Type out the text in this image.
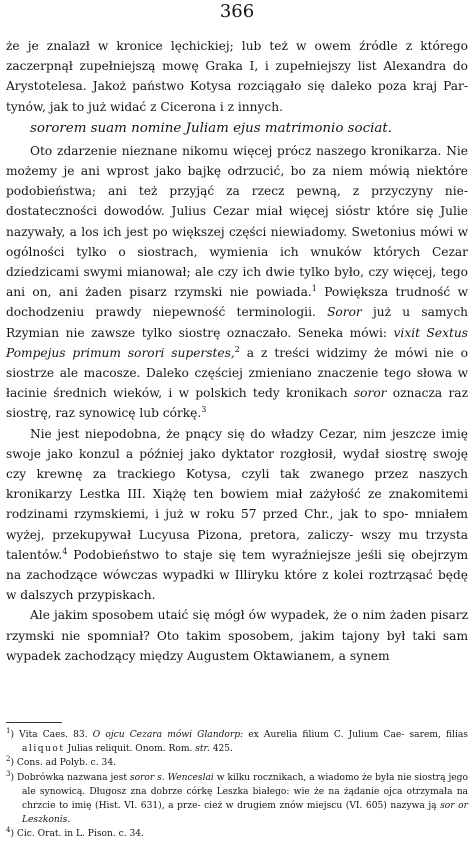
366

że je znalazł w kronice lęchickiej; lub też w owem źródle z którego zaczerpnął zupełniejszą mowę Graka I, i zupełniejszy list Alexandra do Arystotelesa. Jakoż państwo Kotysa rozciągało się daleko poza kraj Par- tynów, jak to już widać z Cicerona i z innych.

sororem suam nomine Juliam ejus matrimonio sociat.

Oto zdarzenie nieznane nikomu więcej prócz naszego kronikarza. Nie możemy je ani wprost jako bajkę odrzucić, bo za niem mówią niektóre podobieństwa; ani też przyjąć za rzecz pewną, z przyczyny nie- dostateczności dowodów. Julius Cezar miał więcej sióstr które się Julie nazywały, a los ich jest po większej części niewiadomy. Swetonius mówi w ogólności tylko o siostrach, wymienia ich wnuków których Cezar dziedzicami swymi mianował; ale czy ich dwie tylko było, czy więcej, tego ani on, ani żaden pisarz rzymski nie powiada.$^1$ Powiększa trudność w dochodzeniu prawdy niepewność terminologii. Soror już u samych Rzymian nie zawsze tylko siostrę oznaczało. Seneka mówi: vixit Sextus Pompejus primum sorori superstes,$^2$ a z treści widzimy że mówi nie o siostrze ale macosze. Daleko częściej zmieniano znaczenie tego słowa w łacinie średnich wieków, i w polskich tedy kronikach soror oznacza raz siostrę, raz synowicę lub córkę.$^3$

Nie jest niepodobna, że pnący się do władzy Cezar, nim jeszcze imię swoje jako konzul a później jako dyktator rozgłosił, wydał siostrę swoję czy krewnę za trackiego Kotysa, czyli tak zwanego przez naszych kronikarzy Lestka III. Xiążę ten bowiem miał zażyłość ze znakomitemi rodzinami rzymskiemi, i już w roku 57 przed Chr., jak to spo- mniałem wyżej, przekupywał Lucyusa Pizona, pretora, zaliczy- wszy mu trzysta talentów.$^4$ Podobieństwo to staje się tem wyraźniejsze jeśli się obejrzym na zachodzące wówczas wypadki w Illiryku które z kolei roztrząsać będę w dalszych przypiskach.

Ale jakim sposobem utaić się mógł ów wypadek, że o nim żaden pisarz rzymski nie spomniał? Oto takim sposobem, jakim tajony był taki sam wypadek zachodzący między Augustem Oktawianem, a synem

$^1$) Vita Caes. 83. O ojcu Cezara mówi Glandorp: ex Aurelia filium C. Julium Cae- sarem, filias aliquot Julias reliquit. Onom. Rom. str. 425.
$^2$) Cons. ad Polyb. c. 34.
$^3$) Dobrówka nazwana jest soror s. Wenceslai w kilku rocznikach, a wiadomo że była nie siostrą jego ale synowicą. Długosz zna dobrze córkę Leszka białego: wie że na żądanie ojca otrzymała na chrzcie to imię (Hist. VI. 631), a prze- cież w drugiem znów miejscu (VI. 605) nazywa ją sor or Leszkonis.
$^4$) Cic. Orat. in L. Pison. c. 34.
